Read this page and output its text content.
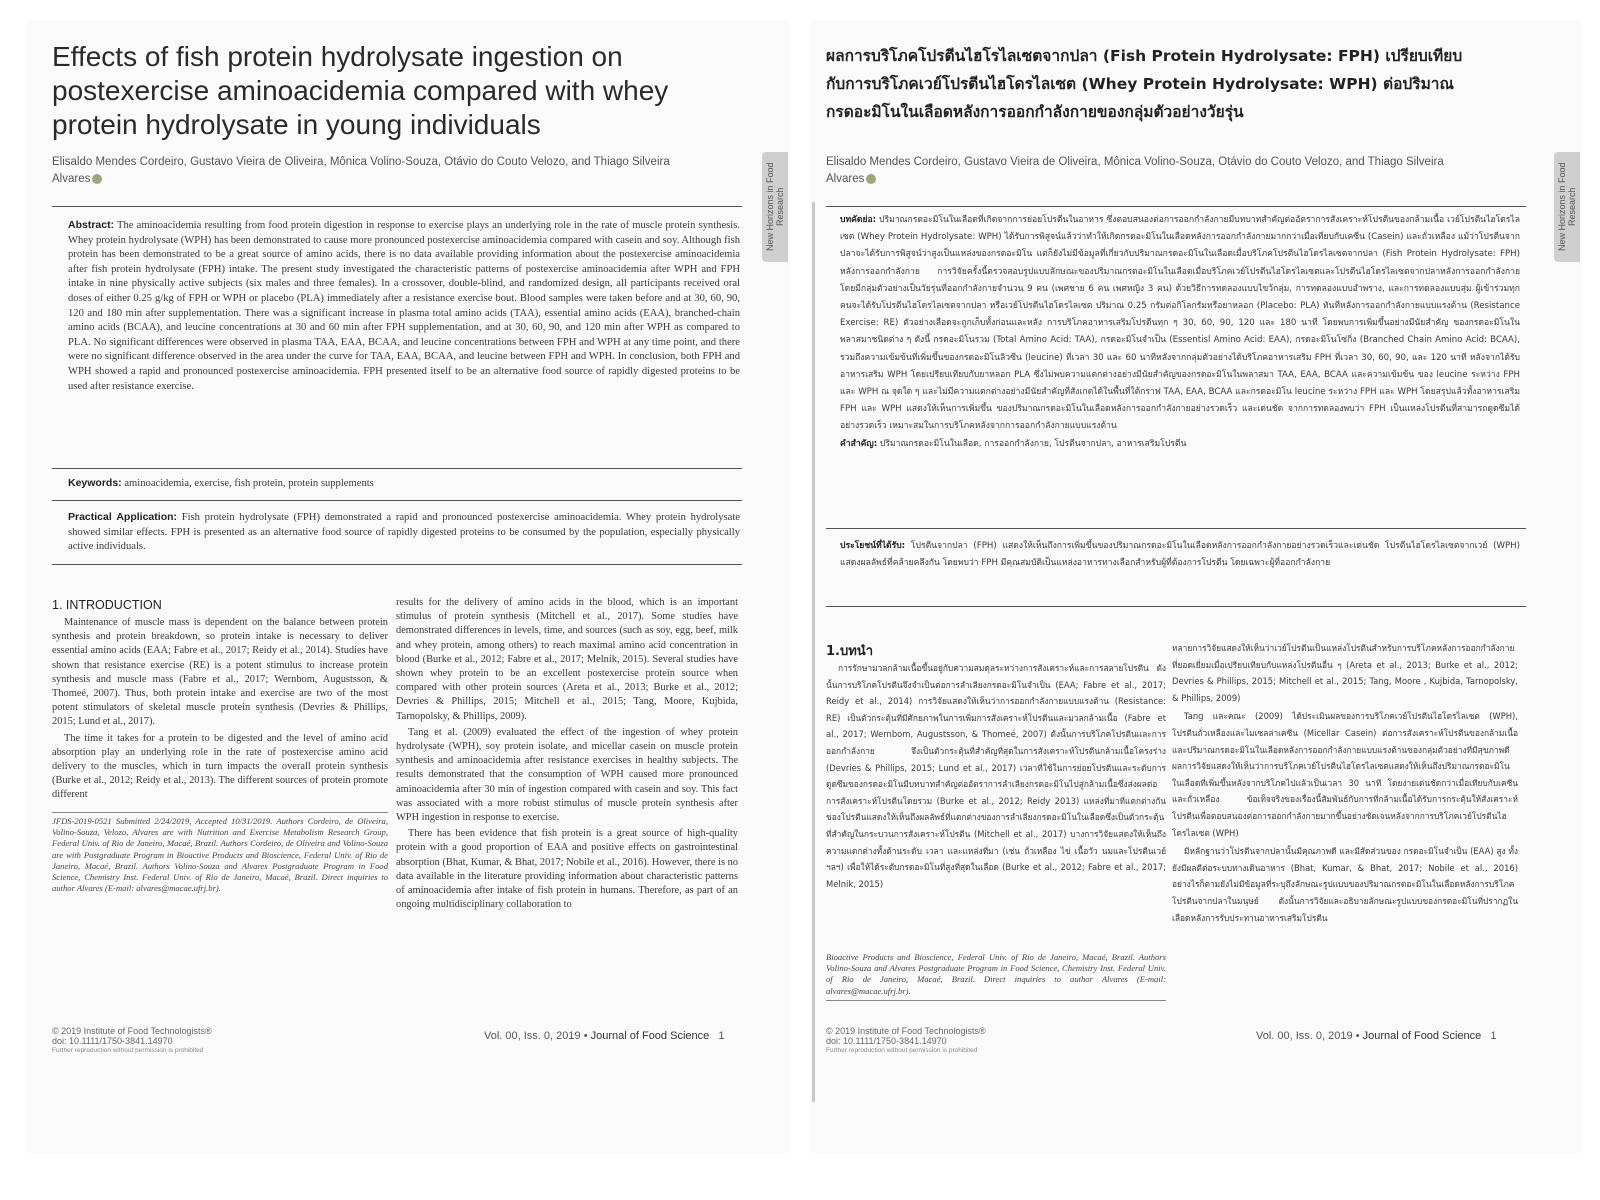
Effects of fish protein hydrolysate ingestion on postexercise aminoacidemia compared with whey protein hydrolysate in young individuals
Elisaldo Mendes Cordeiro, Gustavo Vieira de Oliveira, Mônica Volino-Souza, Otávio do Couto Velozo, and Thiago Silveira Alvares	New Horizons in Food Research
Abstract: The aminoacidemia resulting from food protein digestion in response to exercise plays an underlying role in the rate of muscle protein synthesis. Whey protein hydrolysate (WPH) has been demonstrated to cause more pronounced postexercise aminoacidemia compared with casein and soy. Although fish protein has been demonstrated to be a great source of amino acids, there is no data available providing information about the postexercise aminoacidemia after fish protein hydrolysate (FPH) intake. The present study investigated the characteristic patterns of postexercise aminoacidemia after WPH and FPH intake in nine physically active subjects (six males and three females). In a crossover, double-blind, and randomized design, all participants received oral doses of either 0.25 g/kg of FPH or WPH or placebo (PLA) immediately after a resistance exercise bout. Blood samples were taken before and at 30, 60, 90, 120 and 180 min after supplementation. There was a significant increase in plasma total amino acids (TAA), essential amino acids (EAA), branched-chain amino acids (BCAA), and leucine concentrations at 30 and 60 min after FPH supplementation, and at 30, 60, 90, and 120 min after WPH as compared to PLA. No significant differences were observed in plasma TAA, EAA, BCAA, and leucine concentrations between FPH and WPH at any time point, and there were no significant difference observed in the area under the curve for TAA, EAA, BCAA, and leucine between FPH and WPH. In conclusion, both FPH and WPH showed a rapid and pronounced postexercise aminoacidemia. FPH presented itself to be an alternative food source of rapidly digested proteins to be used after resistance exercise.
Keywords: aminoacidemia, exercise, fish protein, protein supplements
Practical Application: Fish protein hydrolysate (FPH) demonstrated a rapid and pronounced postexercise aminoacidemia. Whey protein hydrolysate showed similar effects. FPH is presented as an alternative food source of rapidly digested proteins to be consumed by the population, especially physically active individuals.
1. INTRODUCTION

Maintenance of muscle mass is dependent on the balance between protein synthesis and protein breakdown, so protein intake is necessary to deliver essential amino acids (EAA; Fabre et al., 2017; Reidy et al., 2014). Studies have shown that resistance exercise (RE) is a potent stimulus to increase protein synthesis and muscle mass (Fabre et al., 2017; Wernbom, Augustsson, & Thomeé, 2007). Thus, both protein intake and exercise are two of the most potent stimulators of skeletal muscle protein synthesis (Devries & Phillips, 2015; Lund et al., 2017).

The time it takes for a protein to be digested and the level of amino acid absorption play an underlying role in the rate of postexercise amino acid delivery to the muscles, which in turn impacts the overall protein synthesis (Burke et al., 2012; Reidy et al., 2013). The different sources of protein promote different

JFDS-2019-0521 Submitted 2/24/2019, Accepted 10/31/2019. Authors Cordeiro, de Oliveira, Volino-Souza, Velozo, Alvares are with Nutrition and Exercise Metabolism Research Group, Federal Univ. of Rio de Janeiro, Macaé, Brazil. Authors Cordeiro, de Oliveira and Volino-Souza are with Postgraduate Program in Bioactive Products and Bioscience, Federal Univ. of Rio de Janeiro, Macaé, Brazil. Authors Volino-Souza and Alvares Postgraduate Program in Food Science, Chemistry Inst. Federal Univ. of Rio de Janeiro, Macaé, Brazil. Direct inquiries to author Alvares (E-mail: alvares@macae.ufrj.br).

results for the delivery of amino acids in the blood, which is an important stimulus of protein synthesis (Mitchell et al., 2017). Some studies have demonstrated differences in levels, time, and sources (such as soy, egg, beef, milk and whey protein, among others) to reach maximal amino acid concentration in blood (Burke et al., 2012; Fabre et al., 2017; Melnik, 2015). Several studies have shown whey protein to be an excellent postexercise protein source when compared with other protein sources (Areta et al., 2013; Burke et al., 2012; Devries & Phillips, 2015; Mitchell et al., 2015; Tang, Moore, Kujbida, Tarnopolsky, & Phillips, 2009).

Tang et al. (2009) evaluated the effect of the ingestion of whey protein hydrolysate (WPH), soy protein isolate, and micellar casein on muscle protein synthesis and aminoacidemia after resistance exercises in healthy subjects. The results demonstrated that the consumption of WPH caused more pronounced aminoacidemia after 30 min of ingestion compared with casein and soy. This fact was associated with a more robust stimulus of muscle protein synthesis after WPH ingestion in response to exercise.

There has been evidence that fish protein is a great source of high-quality protein with a good proportion of EAA and positive effects on gastrointestinal absorption (Bhat, Kumar, & Bhat, 2017; Nobile et al., 2016). However, there is no data available in the literature providing information about characteristic patterns of aminoacidemia after intake of fish protein in humans. Therefore, as part of an ongoing multidisciplinary collaboration to

© 2019 Institute of Food Technologists®
doi: 10.1111/1750-3841.14970
Further reproduction without permission is prohibited
Vol. 00, Iss. 0, 2019 • Journal of Food Science 1
ผลการบริโภคโปรตีนไฮโรไลเซตจากปลา (Fish Protein Hydrolysate: FPH) เปรียบเทียบกับการบริโภคเวย์โปรตีนไฮโดรไลเซต (Whey Protein Hydrolysate: WPH) ต่อปริมาณกรดอะมิโนในเลือดหลังการออกกำลังกายของกลุ่มตัวอย่างวัยรุ่น
Elisaldo Mendes Cordeiro, Gustavo Vieira de Oliveira, Mônica Volino-Souza, Otávio do Couto Velozo, and Thiago Silveira Alvares	New Horizons in Food Research
บทคัดย่อ: ปริมาณกรดอะมิโนในเลือดที่เกิดจากการย่อยโปรตีนในอาหาร ซึ่งตอบสนองต่อการออกกำลังกายมีบทบาทสำคัญต่ออัตราการสังเคราะห์โปรตีนของกล้ามเนื้อ เวย์โปรตีนไฮโดรไลเซต (Whey Protein Hydrolysate: WPH) ได้รับการพิสูจน์แล้วว่าทำให้เกิดกรดอะมิโนในเลือดหลังการออกกำลังกายมากกว่าเมื่อเทียบกับเคซีน (Casein) และถั่วเหลือง แม้ว่าโปรตีนจากปลาจะได้รับการพิสูจน์ว่าสูงเป็นแหล่งของกรดอะมิโน แต่ก็ยังไม่มีข้อมูลที่เกี่ยวกับปริมาณกรดอะมิโนในเลือดเมื่อบริโภคโปรตีนไฮโดรไลเซตจากปลา (Fish Protein Hydrolysate: FPH) หลังการออกกำลังกาย การวิจัยครั้งนี้ตรวจสอบรูปแบบลักษณะของปริมาณกรดอะมิโนในเลือดเมื่อบริโภคเวย์โปรตีนไฮโดรไลเซตและโปรตีนไฮโดรไลเซตจากปลาหลังการออกกำลังกาย โดยมีกลุ่มตัวอย่างเป็นวัยรุ่นที่ออกกำลังกายจำนวน 9 คน (เพศชาย 6 คน เพศหญิง 3 คน) ด้วยวิธีการทดลองแบบไขว้กลุ่ม, การทดลองแบบอำพราง, และการทดลองแบบสุ่ม ผู้เข้าร่วมทุกคนจะได้รับโปรตีนไฮโดรไลเซตจากปลา หรือเวย์โปรตีนไฮโดรไลเซต ปริมาณ 0.25 กรัมต่อกิโลกรัมหรือยาหลอก (Placebo: PLA) ทันทีหลังการออกกำลังกายแบบแรงต้าน (Resistance Exercise: RE) ตัวอย่างเลือดจะถูกเก็บทั้งก่อนและหลัง การบริโภคอาหารเสริมโปรตีนทุก ๆ 30, 60, 90, 120 และ 180 นาที โดยพบการเพิ่มขึ้นอย่างมีนัยสำคัญ ของกรดอะมิโนในพลาสมาชนิดต่าง ๆ ดังนี้ กรดอะมิโนรวม (Total Amino Acid: TAA), กรดอะมิโนจำเป็น (Essentisl Amino Acid: EAA), กรดอะมิโนโซ่กิ่ง (Branched Chain Amino Acid: BCAA), รวมถึงความเข้มข้นที่เพิ่มขึ้นของกรดอะมิโนลิวซีน (leucine) ที่เวลา 30 และ 60 นาทีหลังจากกลุ่มตัวอย่างได้บริโภคอาหารเสริม FPH ที่เวลา 30, 60, 90, และ 120 นาที หลังจากได้รับอาหารเสริม WPH โดยเปรียบเทียบกับยาหลอก PLA ซึ่งไม่พบความแตกต่างอย่างมีนัยสำคัญของกรดอะมิโนในพลาสมา TAA, EAA, BCAA และความเข้มข้น ของ leucine ระหว่าง FPH และ WPH ณ จุดใด ๆ และไม่มีความแตกต่างอย่างมีนัยสำคัญที่สังเกตได้ในพื้นที่ใต้กราฟ TAA, EAA, BCAA และกรดอะมิโน leucine ระหว่าง FPH และ WPH โดยสรุปแล้วทั้งอาหารเสริม FPH และ WPH แสดงให้เห็นการเพิ่มขึ้น ของปริมาณกรดอะมิโนในเลือดหลังการออกกำลังกายอย่างรวดเร็ว และเด่นชัด จากการทดลองพบว่า FPH เป็นแหล่งโปรตีนที่สามารถดูดซึมได้อย่างรวดเร็ว เหมาะสมในการบริโภคหลังจากการออกกำลังกายแบบแรงต้าน
คำสำคัญ: ปริมาณกรดอะมิโนในเลือด, การออกกำลังกาย, โปรตีนจากปลา, อาหารเสริมโปรตีน
ประโยชน์ที่ได้รับ: โปรตีนจากปลา (FPH) แสดงให้เห็นถึงการเพิ่มขึ้นของปริมาณกรดอะมิโนในเลือดหลังการออกกำลังกายอย่างรวดเร็วและเด่นชัด โปรตีนไฮโดรไลเซตจากเวย์ (WPH) แสดงผลลัพธ์ที่คล้ายคลึงกัน โดยพบว่า FPH มีคุณสมบัติเป็นแหล่งอาหารทางเลือกสำหรับผู้ที่ต้องการโปรตีน โดยเฉพาะผู้ที่ออกกำลังกาย
1.บทนำ

การรักษามวลกล้ามเนื้อขึ้นอยู่กับความสมดุลระหว่างการสังเคราะห์และการสลายโปรตีน ดังนั้นการบริโภคโปรตีนจึงจำเป็นต่อการลำเลียงกรดอะมิโนจำเป็น (EAA; Fabre et al., 2017; Reidy et al., 2014) การวิจัยแสดงให้เห็นว่าการออกกำลังกายแบบแรงต้าน (Resistance: RE) เป็นตัวกระตุ้นที่มีศักยภาพในการเพิ่มการสังเคราะห์โปรตีนและมวลกล้ามเนื้อ (Fabre et al., 2017; Wernbom, Augustsson, & Thomeé, 2007) ดังนั้นการบริโภคโปรตีนและการออกกำลังกาย จึงเป็นตัวกระตุ้นที่สำคัญที่สุดในการสังเคราะห์โปรตีนกล้ามเนื้อโครงร่าง (Devries & Phillips, 2015; Lund et al., 2017) เวลาที่ใช้ในการย่อยโปรตีนและระดับการดูดซึมของกรดอะมิโนมีบทบาทสำคัญต่ออัตราการลำเลียงกรดอะมิโนไปสู่กล้ามเนื้อซึ่งส่งผลต่อการสังเคราะห์โปรตีนโดยรวม (Burke et al., 2012; Reidy 2013) แหล่งที่มาที่แตกต่างกันของโปรตีนแสดงให้เห็นถึงผลลัพธ์ที่แตกต่างของการลำเลียงกรดอะมิโนในเลือดซึ่งเป็นตัวกระตุ้นที่สำคัญในกระบวนการสังเคราะห์โปรตีน (Mitchell et al., 2017) บางการวิจัยแสดงให้เห็นถึงความแตกต่างทั้งด้านระดับ เวลา และแหล่งที่มา (เช่น ถั่วเหลือง ไข่ เนื้อวัว นมและโปรตีนเวย์ ฯลฯ) เพื่อให้ได้ระดับกรดอะมิโนที่สูงที่สุดในเลือด (Burke et al., 2012; Fabre et al., 2017; Melnik, 2015)

Bioactive Products and Bioscience, Federal Univ. of Rio de Janeiro, Macaé, Brazil. Authors Volino-Souza and Alvares Postgraduate Program in Food Science, Chemistry Inst. Federal Univ. of Rio de Janeiro, Macaé, Brazil. Direct inquiries to author Alvares (E-mail: alvares@macae.ufrj.br).

หลายการวิจัยแสดงให้เห็นว่าเวย์โปรตีนเป็นแหล่งโปรตีนสำหรับการบริโภคหลังการออกกำลังกายที่ยอดเยี่ยมเมื่อเปรียบเทียบกับแหล่งโปรตีนอื่น ๆ (Areta et al., 2013; Burke et al., 2012; Devries & Phillips, 2015; Mitchell et al., 2015; Tang, Moore , Kujbida, Tarnopolsky, & Phillips, 2009)

Tang และคณะ (2009) ได้ประเมินผลของการบริโภคเวย์โปรตีนไฮโดรไลเซต (WPH), โปรตีนถั่วเหลืองและไมเซลล่าเคซีน (Micellar Casein) ต่อการสังเคราะห์โปรตีนของกล้ามเนื้อและปริมาณกรดอะมิโนในเลือดหลังการออกกำลังกายแบบแรงต้านของกลุ่มตัวอย่างที่มีสุขภาพดีผลการวิจัยแสดงให้เห็นว่าการบริโภคเวย์โปรตีนไฮโดรไลเซตแสดงให้เห็นถึงปริมาณกรดอะมิโนในเลือดที่เพิ่มขึ้นหลังจากบริโภคไปแล้วเป็นเวลา 30 นาที โดยง่ายเด่นชัดกว่าเมื่อเทียบกับเคซีนและถั่วเหลือง ข้อเท็จจริงของเรื่องนี้สัมพันธ์กับการที่กล้ามเนื้อได้รับการกระตุ้นให้สังเคราะห์โปรตีนเพื่อตอบสนองต่อการออกกำลังกายมากขึ้นอย่างชัดเจนหลังจากการบริโภคเวย์โปรตีนไฮโดรไลเซต (WPH)

มีหลักฐานว่าโปรตีนจากปลานั้นมีคุณภาพดี และมีสัดส่วนของ กรดอะมิโนจำเป็น (EAA) สูง ทั้งยังมีผลดีต่อระบบทางเดินอาหาร (Bhat, Kumar, & Bhat, 2017; Nobile et al., 2016) อย่างไรก็ตามยังไม่มีข้อมูลที่ระบุถึงลักษณะรูปแบบของปริมาณกรดอะมิโนในเลือดหลังการบริโภคโปรตีนจากปลาในมนุษย์ ดังนั้นการวิจัยและอธิบายลักษณะรูปแบบของกรดอะมิโนที่ปรากฏในเลือดหลังการรับประทานอาหารเสริมโปรตีน

© 2019 Institute of Food Technologists®
doi: 10.1111/1750-3841.14970
Further reproduction without permission is prohibited
Vol. 00, Iss. 0, 2019 • Journal of Food Science 1
